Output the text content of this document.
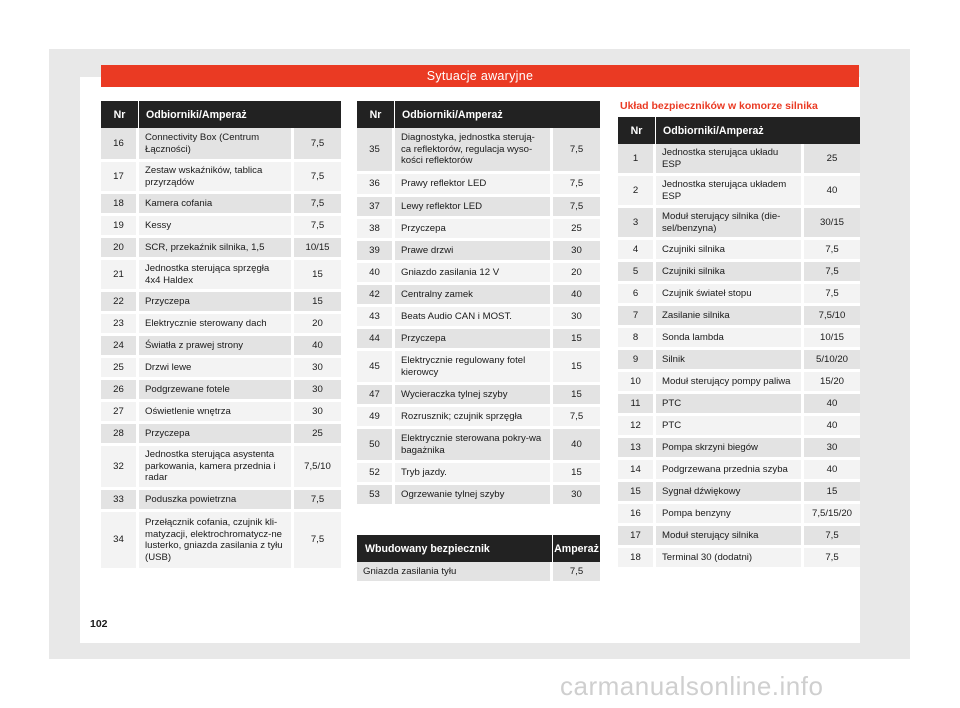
Sytuacje awaryjne
Nr	Odbiorniki/Amperaż	
16	Connectivity Box (Centrum Łączności)	7,5
17	Zestaw wskaźników, tablica przyrządów	7,5
18	Kamera cofania	7,5
19	Kessy	7,5
20	SCR, przekaźnik silnika, 1,5	10/15
21	Jednostka sterująca sprzęgła 4x4 Haldex	15
22	Przyczepa	15
23	Elektrycznie sterowany dach	20
24	Światła z prawej strony	40
25	Drzwi lewe	30
26	Podgrzewane fotele	30
27	Oświetlenie wnętrza	30
28	Przyczepa	25
32	Jednostka sterująca asystenta parkowania, kamera przednia i radar	7,5/10
33	Poduszka powietrzna	7,5
34	Przełącznik cofania, czujnik kli-matyzacji, elektrochromatycz-ne lusterko, gniazda zasilania z tyłu (USB)	7,5
Nr	Odbiorniki/Amperaż	
35	Diagnostyka, jednostka sterują-ca reflektorów, regulacja wyso-kości reflektorów	7,5
36	Prawy reflektor LED	7,5
37	Lewy reflektor LED	7,5
38	Przyczepa	25
39	Prawe drzwi	30
40	Gniazdo zasilania 12 V	20
42	Centralny zamek	40
43	Beats Audio CAN i MOST.	30
44	Przyczepa	15
45	Elektrycznie regulowany fotel kierowcy	15
47	Wycieraczka tylnej szyby	15
49	Rozrusznik; czujnik sprzęgła	7,5
50	Elektrycznie sterowana pokry-wa bagażnika	40
52	Tryb jazdy.	15
53	Ogrzewanie tylnej szyby	30
Wbudowany bezpiecznik	Amperaż
Gniazda zasilania tyłu	7,5
Układ bezpieczników w komorze silnika
Nr	Odbiorniki/Amperaż	
1	Jednostka sterująca układu ESP	25
2	Jednostka sterująca układem ESP	40
3	Moduł sterujący silnika (die-sel/benzyna)	30/15
4	Czujniki silnika	7,5
5	Czujniki silnika	7,5
6	Czujnik świateł stopu	7,5
7	Zasilanie silnika	7,5/10
8	Sonda lambda	10/15
9	Silnik	5/10/20
10	Moduł sterujący pompy paliwa	15/20
11	PTC	40
12	PTC	40
13	Pompa skrzyni biegów	30
14	Podgrzewana przednia szyba	40
15	Sygnał dźwiękowy	15
16	Pompa benzyny	7,5/15/20
17	Moduł sterujący silnika	7,5
18	Terminal 30 (dodatni)	7,5
102
carmanualsonline.info
